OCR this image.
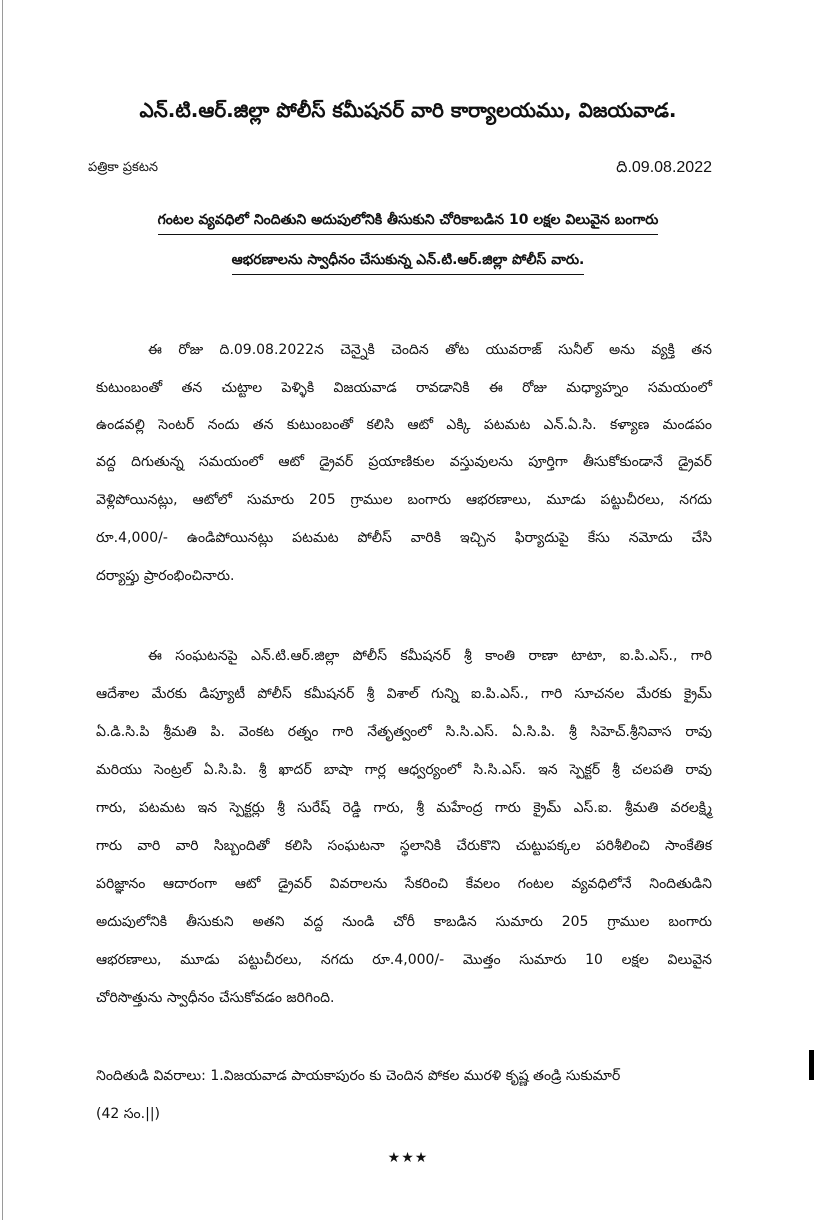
ఎన్.టి.ఆర్.జిల్లా పోలీస్ కమీషనర్ వారి కార్యాలయము, విజయవాడ.
పత్రికా ప్రకటన	ది.09.08.2022
గంటల వ్యవధిలో నిందితుని అదుపులోనికి తీసుకుని చోరికాబడిన 10 లక్షల విలువైన బంగారు
ఆభరణాలను స్వాధీనం చేసుకున్న ఎన్.టి.ఆర్.జిల్లా పోలీస్ వారు.
ఈ రోజు ది.09.08.2022న చెన్నైకి చెందిన తోట యువరాజ్ సునీల్ అను వ్యక్తి తన
కుటుంబంతో తన చుట్టాల పెళ్ళికి విజయవాడ రావడానికి ఈ రోజు మధ్యాహ్నం సమయంలో
ఉండవల్లి సెంటర్ నందు తన కుటుంబంతో కలిసి ఆటో ఎక్కి పటమట ఎన్.ఏ.సి. కళ్యాణ మండపం
వద్ద దిగుతున్న సమయంలో ఆటో డ్రైవర్ ప్రయాణికుల వస్తువులను పూర్తిగా తీసుకోకుండానే డ్రైవర్
వెళ్లిపోయినట్లు, ఆటోలో సుమారు 205 గ్రాముల బంగారు ఆభరణాలు, మూడు పట్టుచీరలు, నగదు
రూ.4,000/- ఉండిపోయినట్లు పటమట పోలీస్ వారికి ఇచ్చిన ఫిర్యాదుపై కేసు నమోదు చేసి
దర్యాప్తు ప్రారంభించినారు.
ఈ సంఘటనపై ఎన్.టి.ఆర్.జిల్లా పోలీస్ కమీషనర్ శ్రీ కాంతి రాణా టాటా, ఐ.పి.ఎస్., గారి
ఆదేశాల మేరకు డిప్యూటీ పోలీస్ కమీషనర్ శ్రీ విశాల్ గున్ని ఐ.పి.ఎస్., గారి సూచనల మేరకు క్రైమ్
ఏ.డి.సి.పి శ్రీమతి పి. వెంకట రత్నం గారి నేతృత్వంలో సి.సి.ఎస్. ఏ.సి.పి. శ్రీ సిహెచ్.శ్రీనివాస రావు
మరియు సెంట్రల్ ఏ.సి.పి. శ్రీ ఖాదర్ బాషా గార్ల ఆధ్వర్యంలో సి.సి.ఎస్. ఇన స్పెక్టర్ శ్రీ చలపతి రావు
గారు, పటమట ఇన స్పెక్టర్లు శ్రీ సురేష్ రెడ్డి గారు, శ్రీ మహేంద్ర గారు క్రైమ్ ఎస్.ఐ. శ్రీమతి వరలక్ష్మి
గారు వారి వారి సిబ్బందితో కలిసి సంఘటనా స్థలానికి చేరుకొని చుట్టుపక్కల పరిశీలించి సాంకేతిక
పరిజ్ఞానం ఆదారంగా ఆటో డ్రైవర్ వివరాలను సేకరించి కేవలం గంటల వ్యవధిలోనే నిందితుడిని
అదుపులోనికి తీసుకుని అతని వద్ద నుండి చోరీ కాబడిన సుమారు 205 గ్రాముల బంగారు
ఆభరణాలు, మూడు పట్టుచీరలు, నగదు రూ.4,000/- మొత్తం సుమారు 10 లక్షల విలువైన
చోరిసొత్తును స్వాధీనం చేసుకోవడం జరిగింది.
నిందితుడి వివరాలు: 1.విజయవాడ పాయకాపురం కు చెందిన పోకల మురళి కృష్ణ తండ్రి సుకుమార్
(42 సం.||)
★★★
